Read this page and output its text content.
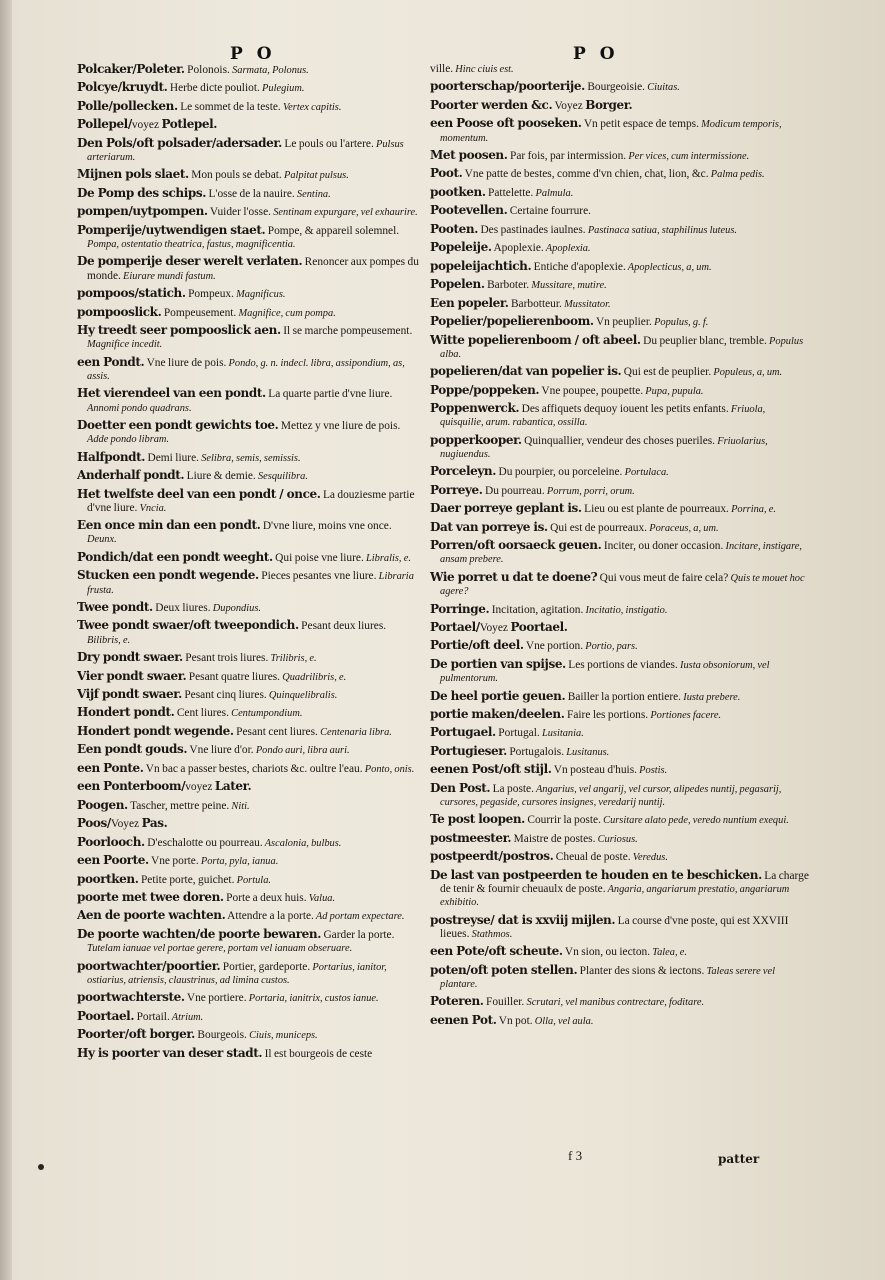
P O	P O

Polcaker/Poleter. Polonois. Sarmata, Polonus.

Polcye/kruydt. Herbe dicte pouliot. Pulegium.

Polle/pollecken. Le sommet de la teste. Vertex capitis.

Pollepel/voyez Potlepel.

Den Pols/oft polsader/adersader. Le pouls ou l'artere. Pulsus arteriarum.

Mijnen pols slaet. Mon pouls se debat. Palpitat pulsus.

De Pomp des schips. L'osse de la nauire. Sentina.

pompen/uytpompen. Vuider l'osse. Sentinam expurgare, vel exhaurire.

Pomperije/uytwendigen staet. Pompe, & appareil solemnel. Pompa, ostentatio theatrica, fastus, magnificentia.

De pomperije deser werelt verlaten. Renoncer aux pompes du monde. Eiurare mundi fastum.

pompoos/statich. Pompeux. Magnificus.

pompooslick. Pompeusement. Magnifice, cum pompa.

Hy treedt seer pompooslick aen. Il se marche pompeusement. Magnifice incedit.

een Pondt. Vne liure de pois. Pondo, g. n. indecl. libra, assipondium, as, assis.

Het vierendeel van een pondt. La quarte partie d'vne liure. Annomi pondo quadrans.

Doetter een pondt gewichts toe. Mettez y vne liure de pois. Adde pondo libram.

Halfpondt. Demi liure. Selibra, semis, semissis.

Anderhalf pondt. Liure & demie. Sesquilibra.

Het twelfste deel van een pondt / once. La douziesme partie d'vne liure. Vncia.

Een once min dan een pondt. D'vne liure, moins vne once. Deunx.

Pondich/dat een pondt weeght. Qui poise vne liure. Libralis, e.

Stucken een pondt wegende. Pieces pesantes vne liure. Libraria frusta.

Twee pondt. Deux liures. Dupondius.

Twee pondt swaer/oft tweepondich. Pesant deux liures. Bilibris, e.

Dry pondt swaer. Pesant trois liures. Trilibris, e.

Vier pondt swaer. Pesant quatre liures. Quadrilibris, e.

Vijf pondt swaer. Pesant cinq liures. Quinquelibralis.

Hondert pondt. Cent liures. Centumpondium.

Hondert pondt wegende. Pesant cent liures. Centenaria libra.

Een pondt gouds. Vne liure d'or. Pondo auri, libra auri.

een Ponte. Vn bac a passer bestes, chariots &c. oultre l'eau. Ponto, onis.

een Ponterboom/voyez Later.

Poogen. Tascher, mettre peine. Niti.

Poos/Voyez Pas.

Poorlooch. D'eschalotte ou pourreau. Ascalonia, bulbus.

een Poorte. Vne porte. Porta, pyla, ianua.

poortken. Petite porte, guichet. Portula.

poorte met twee doren. Porte a deux huis. Valua.

Aen de poorte wachten. Attendre a la porte. Ad portam expectare.

De poorte wachten/de poorte bewaren. Garder la porte. Tutelam ianuae vel portae gerere, portam vel ianuam obseruare.

poortwachter/poortier. Portier, gardeporte. Portarius, ianitor, ostiarius, atriensis, claustrinus, ad limina custos.

poortwachterste. Vne portiere. Portaria, ianitrix, custos ianue.

Poortael. Portail. Atrium.

Poorter/oft borger. Bourgeois. Ciuis, municeps.

Hy is poorter van deser stadt. Il est bourgeois de ceste

ville. Hinc ciuis est.

poorterschap/poorterije. Bourgeoisie. Ciuitas.

Poorter werden &c. Voyez Borger.

een Poose oft pooseken. Vn petit espace de temps. Modicum temporis, momentum.

Met poosen. Par fois, par intermission. Per vices, cum intermissione.

Poot. Vne patte de bestes, comme d'vn chien, chat, lion, &c. Palma pedis.

pootken. Pattelette. Palmula.

Pootevellen. Certaine fourrure.

Pooten. Des pastinades iaulnes. Pastinaca satiua, staphilinus luteus.

Popeleije. Apoplexie. Apoplexia.

popeleijachtich. Entiche d'apoplexie. Apoplecticus, a, um.

Popelen. Barboter. Mussitare, mutire.

Een popeler. Barbotteur. Mussitator.

Popelier/popelierenboom. Vn peuplier. Populus, g. f.

Witte popelierenboom / oft abeel. Du peuplier blanc, tremble. Populus alba.

popelieren/dat van popelier is. Qui est de peuplier. Populeus, a, um.

Poppe/poppeken. Vne poupee, poupette. Pupa, pupula.

Poppenwerck. Des affiquets dequoy iouent les petits enfants. Friuola, quisquilie, arum. rabantica, ossilla.

popperkooper. Quinquallier, vendeur des choses pueriles. Friuolarius, nugiuendus.

Porceleyn. Du pourpier, ou porceleine. Portulaca.

Porreye. Du pourreau. Porrum, porri, orum.

Daer porreye geplant is. Lieu ou est plante de pourreaux. Porrina, e.

Dat van porreye is. Qui est de pourreaux. Poraceus, a, um.

Porren/oft oorsaeck geuen. Inciter, ou doner occasion. Incitare, instigare, ansam prebere.

Wie porret u dat te doene? Qui vous meut de faire cela? Quis te mouet hoc agere?

Porringe. Incitation, agitation. Incitatio, instigatio.

Portael/Voyez Poortael.

Portie/oft deel. Vne portion. Portio, pars.

De portien van spijse. Les portions de viandes. Iusta obsoniorum, vel pulmentorum.

De heel portie geuen. Bailler la portion entiere. Iusta prebere.

portie maken/deelen. Faire les portions. Portiones facere.

Portugael. Portugal. Lusitania.

Portugieser. Portugalois. Lusitanus.

eenen Post/oft stijl. Vn posteau d'huis. Postis.

Den Post. La poste. Angarius, vel angarij, vel cursor, alipedes nuntij, pegasarij, cursores, pegaside, cursores insignes, veredarij nuntij.

Te post loopen. Courrir la poste. Cursitare alato pede, veredo nuntium exequi.

postmeester. Maistre de postes. Curiosus.

postpeerdt/postros. Cheual de poste. Veredus.

De last van postpeerden te houden en te beschicken. La charge de tenir & fournir cheuaulx de poste. Angaria, angariarum prestatio, angariarum exhibitio.

postreyse/ dat is xxviij mijlen. La course d'vne poste, qui est XXVIII lieues. Stathmos.

een Pote/oft scheute. Vn sion, ou iecton. Talea, e.

poten/oft poten stellen. Planter des sions & iectons. Taleas serere vel plantare.

Poteren. Fouiller. Scrutari, vel manibus contrectare, foditare.

eenen Pot. Vn pot. Olla, vel aula.

f 3	patter
